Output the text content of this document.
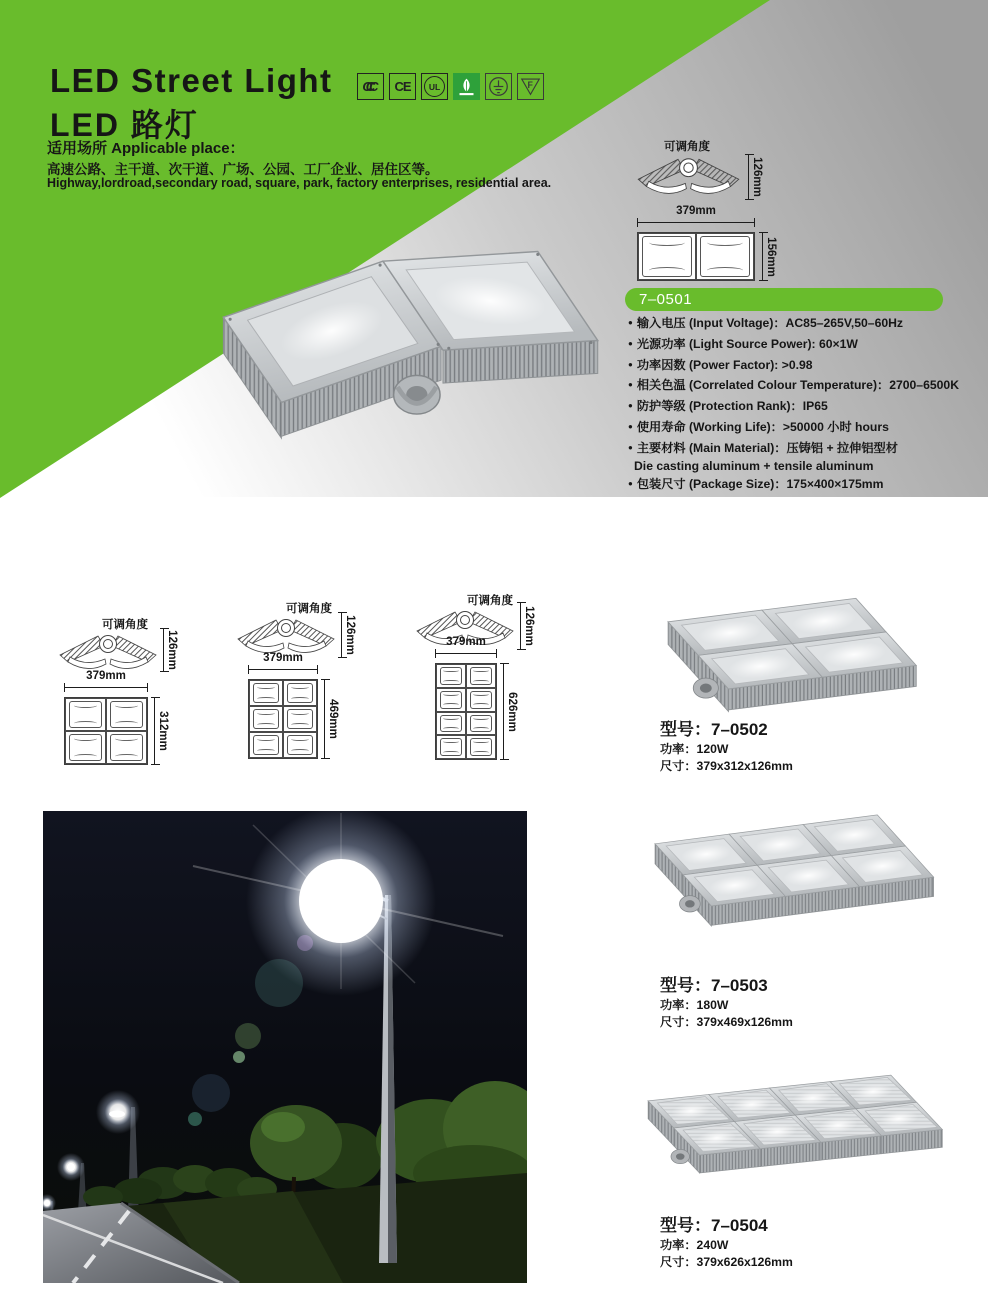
LED Street Light
LED 路灯
CCC CE	UL	F
适用场所 Applicable place：
高速公路、主干道、次干道、广场、公园、工厂企业、居住区等。
Highway,lordroad,secondary road, square, park, factory enterprises, residential area.
可调角度
126mm
379mm
156mm
7–0501
● 输入电压 (Input Voltage)：AC85–265V,50–60Hz
● 光源功率 (Light Source Power): 60×1W
● 功率因数 (Power Factor): >0.98
● 相关色温 (Correlated Colour Temperature)：2700–6500K
● 防护等级 (Protection Rank)：IP65
● 使用寿命 (Working Life)：>50000 小时 hours
● 主要材料 (Main Material)：压铸铝 + 拉伸铝型材
Die casting aluminum + tensile aluminum
● 包装尺寸 (Package Size)：175×400×175mm
可调角度
126mm
379mm
312mm
可调角度
126mm
379mm
469mm
可调角度
126mm
379mm
626mm	型号：7–0502
功率：120W
尺寸：379x312x126mm
型号：7–0503
功率：180W
尺寸：379x469x126mm
型号：7–0504
功率：240W
尺寸：379x626x126mm
